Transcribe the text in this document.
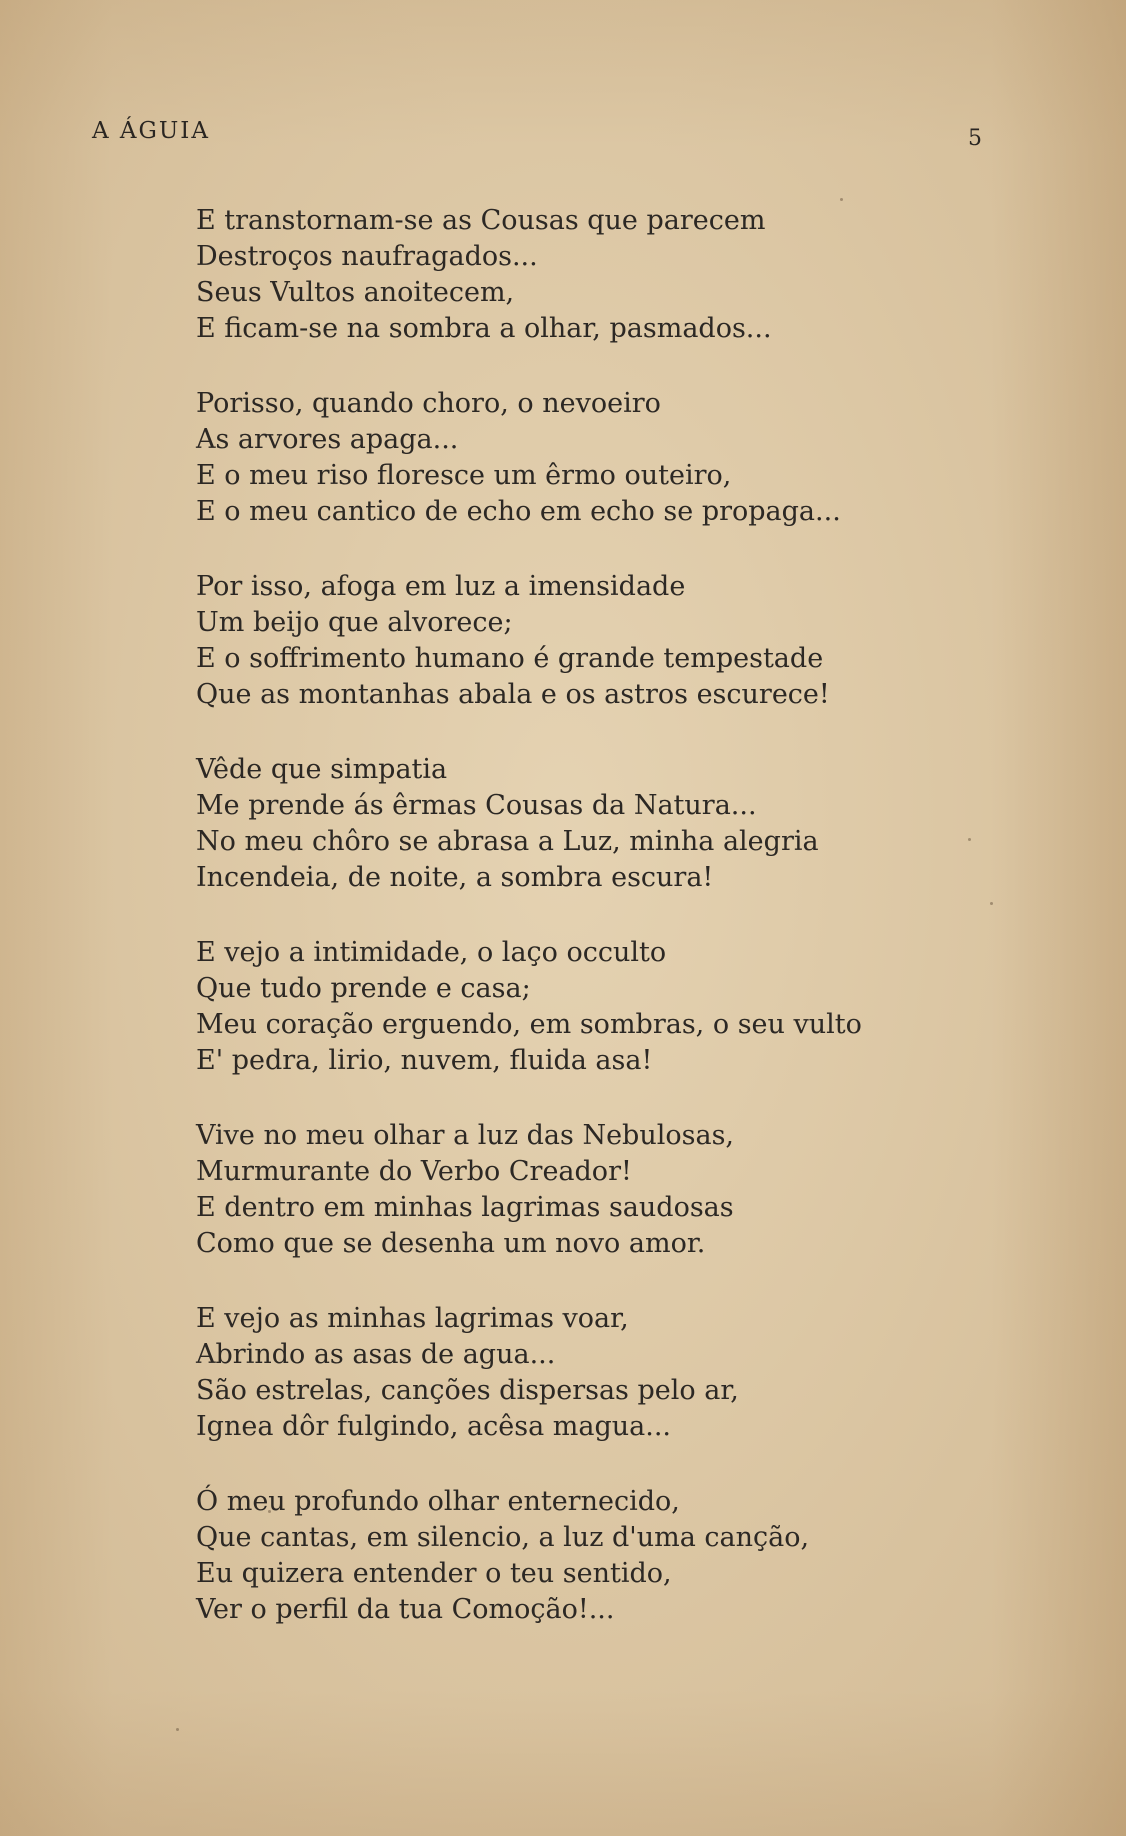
A ÁGUIA	5
E transtornam-se as Cousas que parecem
Destroços naufragados...
Seus Vultos anoitecem,
E ficam-se na sombra a olhar, pasmados...
Porisso, quando choro, o nevoeiro
As arvores apaga...
E o meu riso floresce um êrmo outeiro,
E o meu cantico de echo em echo se propaga...
Por isso, afoga em luz a imensidade
Um beijo que alvorece;
E o soffrimento humano é grande tempestade
Que as montanhas abala e os astros escurece!
Vêde que simpatia
Me prende ás êrmas Cousas da Natura...
No meu chôro se abrasa a Luz, minha alegria
Incendeia, de noite, a sombra escura!
E vejo a intimidade, o laço occulto
Que tudo prende e casa;
Meu coração erguendo, em sombras, o seu vulto
E' pedra, lirio, nuvem, fluida asa!
Vive no meu olhar a luz das Nebulosas,
Murmurante do Verbo Creador!
E dentro em minhas lagrimas saudosas
Como que se desenha um novo amor.
E vejo as minhas lagrimas voar,
Abrindo as asas de agua...
São estrelas, canções dispersas pelo ar,
Ignea dôr fulgindo, acêsa magua...
Ó meu profundo olhar enternecido,
Que cantas, em silencio, a luz d'uma canção,
Eu quizera entender o teu sentido,
Ver o perfil da tua Comoção!...
